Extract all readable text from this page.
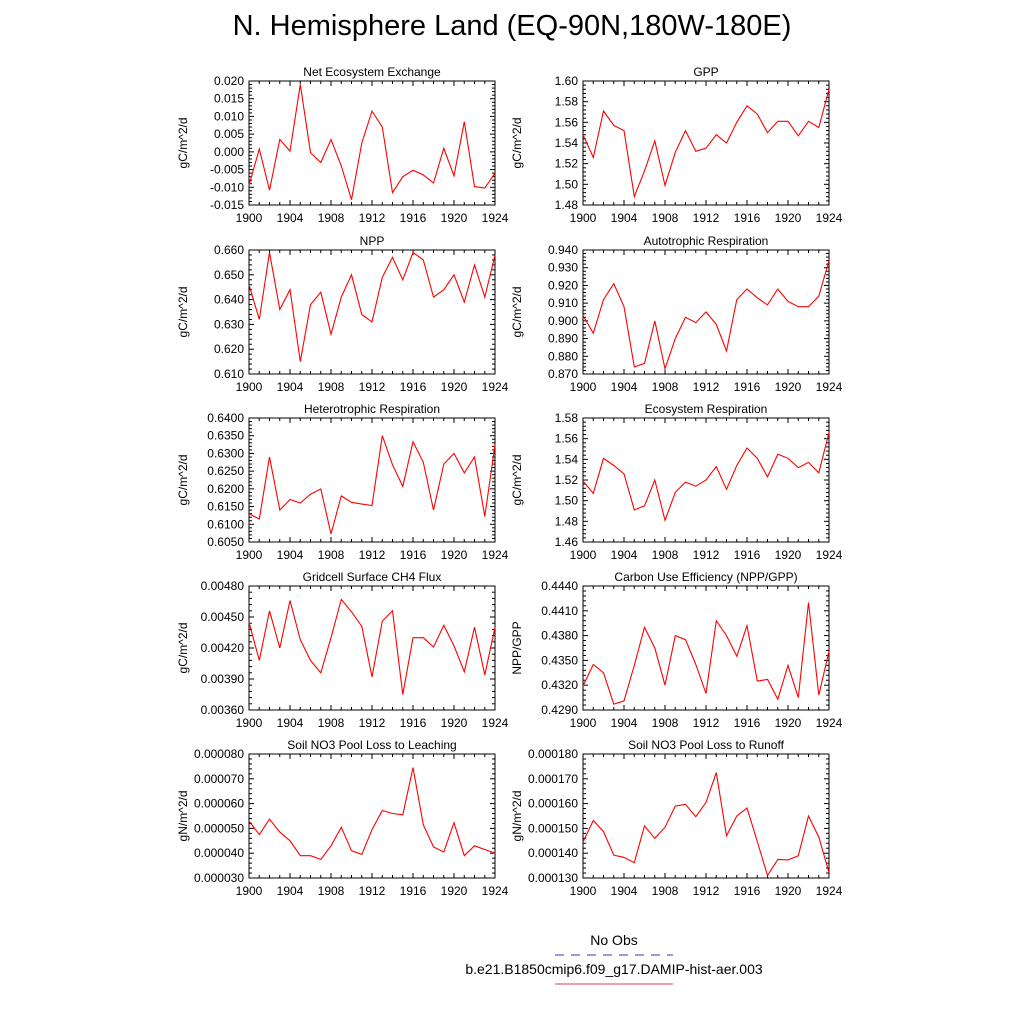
N. Hemisphere Land (EQ-90N,180W-180E)
Net Ecosystem Exchange
gC/m^2/d
-0.015
-0.010
-0.005
0.000
0.005
0.010
0.015
0.020
1900 1904 1908 1912 1916 1920 1924
GPP
gC/m^2/d
1.48
1.50
1.52
1.54
1.56
1.58
1.60
1900 1904 1908 1912 1916 1920 1924
NPP
gC/m^2/d
0.610
0.620
0.630
0.640
0.650
0.660
1900 1904 1908 1912 1916 1920 1924
Autotrophic Respiration
gC/m^2/d
0.870
0.880
0.890
0.900
0.910
0.920
0.930
0.940
1900 1904 1908 1912 1916 1920 1924
Heterotrophic Respiration
gC/m^2/d
0.6050
0.6100
0.6150
0.6200
0.6250
0.6300
0.6350
0.6400
1900 1904 1908 1912 1916 1920 1924
Ecosystem Respiration
gC/m^2/d
1.46
1.48
1.50
1.52
1.54
1.56
1.58
1900 1904 1908 1912 1916 1920 1924
Gridcell Surface CH4 Flux
gC/m^2/d
0.00360
0.00390
0.00420
0.00450
0.00480
1900 1904 1908 1912 1916 1920 1924
Carbon Use Efficiency (NPP/GPP)
NPP/GPP
0.4290
0.4320
0.4350
0.4380
0.4410
0.4440
1900 1904 1908 1912 1916 1920 1924
Soil NO3 Pool Loss to Leaching
gN/m^2/d
0.000030
0.000040
0.000050
0.000060
0.000070
0.000080
1900 1904 1908 1912 1916 1920 1924
Soil NO3 Pool Loss to Runoff
gN/m^2/d
0.000130
0.000140
0.000150
0.000160
0.000170
0.000180
1900 1904 1908 1912 1916 1920 1924
No Obs
b.e21.B1850cmip6.f09_g17.DAMIP-hist-aer.003
